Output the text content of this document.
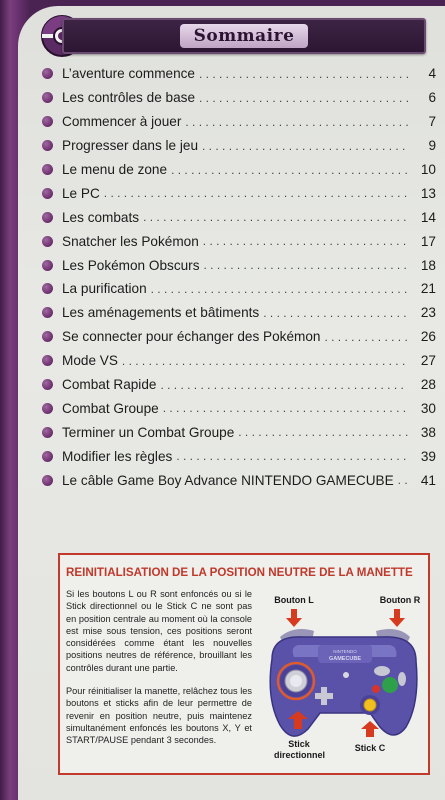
Sommaire
L’aventure commence . . .	4
Les contrôles de base . . .	6
Commencer à jouer . . .	7
Progresser dans le jeu . . .	9
Le menu de zone . . .	10
Le PC . . .	13
Les combats . . .	14
Snatcher les Pokémon . . .	17
Les Pokémon Obscurs . . .	18
La purification . . .	21
Les aménagements et bâtiments . . .	23
Se connecter pour échanger des Pokémon . . .	26
Mode VS . . .	27
Combat Rapide . . .	28
Combat Groupe . . .	30
Terminer un Combat Groupe . . .	38
Modifier les règles . . .	39
Le câble Game Boy Advance NINTENDO GAMECUBE . . .	41
REINITIALISATION DE LA POSITION NEUTRE DE LA MANETTE
Si les boutons L ou R sont enfoncés ou si le Stick directionnel ou le Stick C ne sont pas en position centrale au moment où la console est mise sous tension, ces positions seront considérées comme étant les nouvelles positions neutres de référence, brouillant les contrôles durant une partie.
Pour réinitialiser la manette, relâchez tous les boutons et sticks afin de leur permettre de revenir en position neutre, puis maintenez simultanément enfoncés les boutons X, Y et START/PAUSE pendant 3 secondes.
Bouton L	Bouton R
NINTENDO
GAMECUBE
Stick directionnel
Stick C
